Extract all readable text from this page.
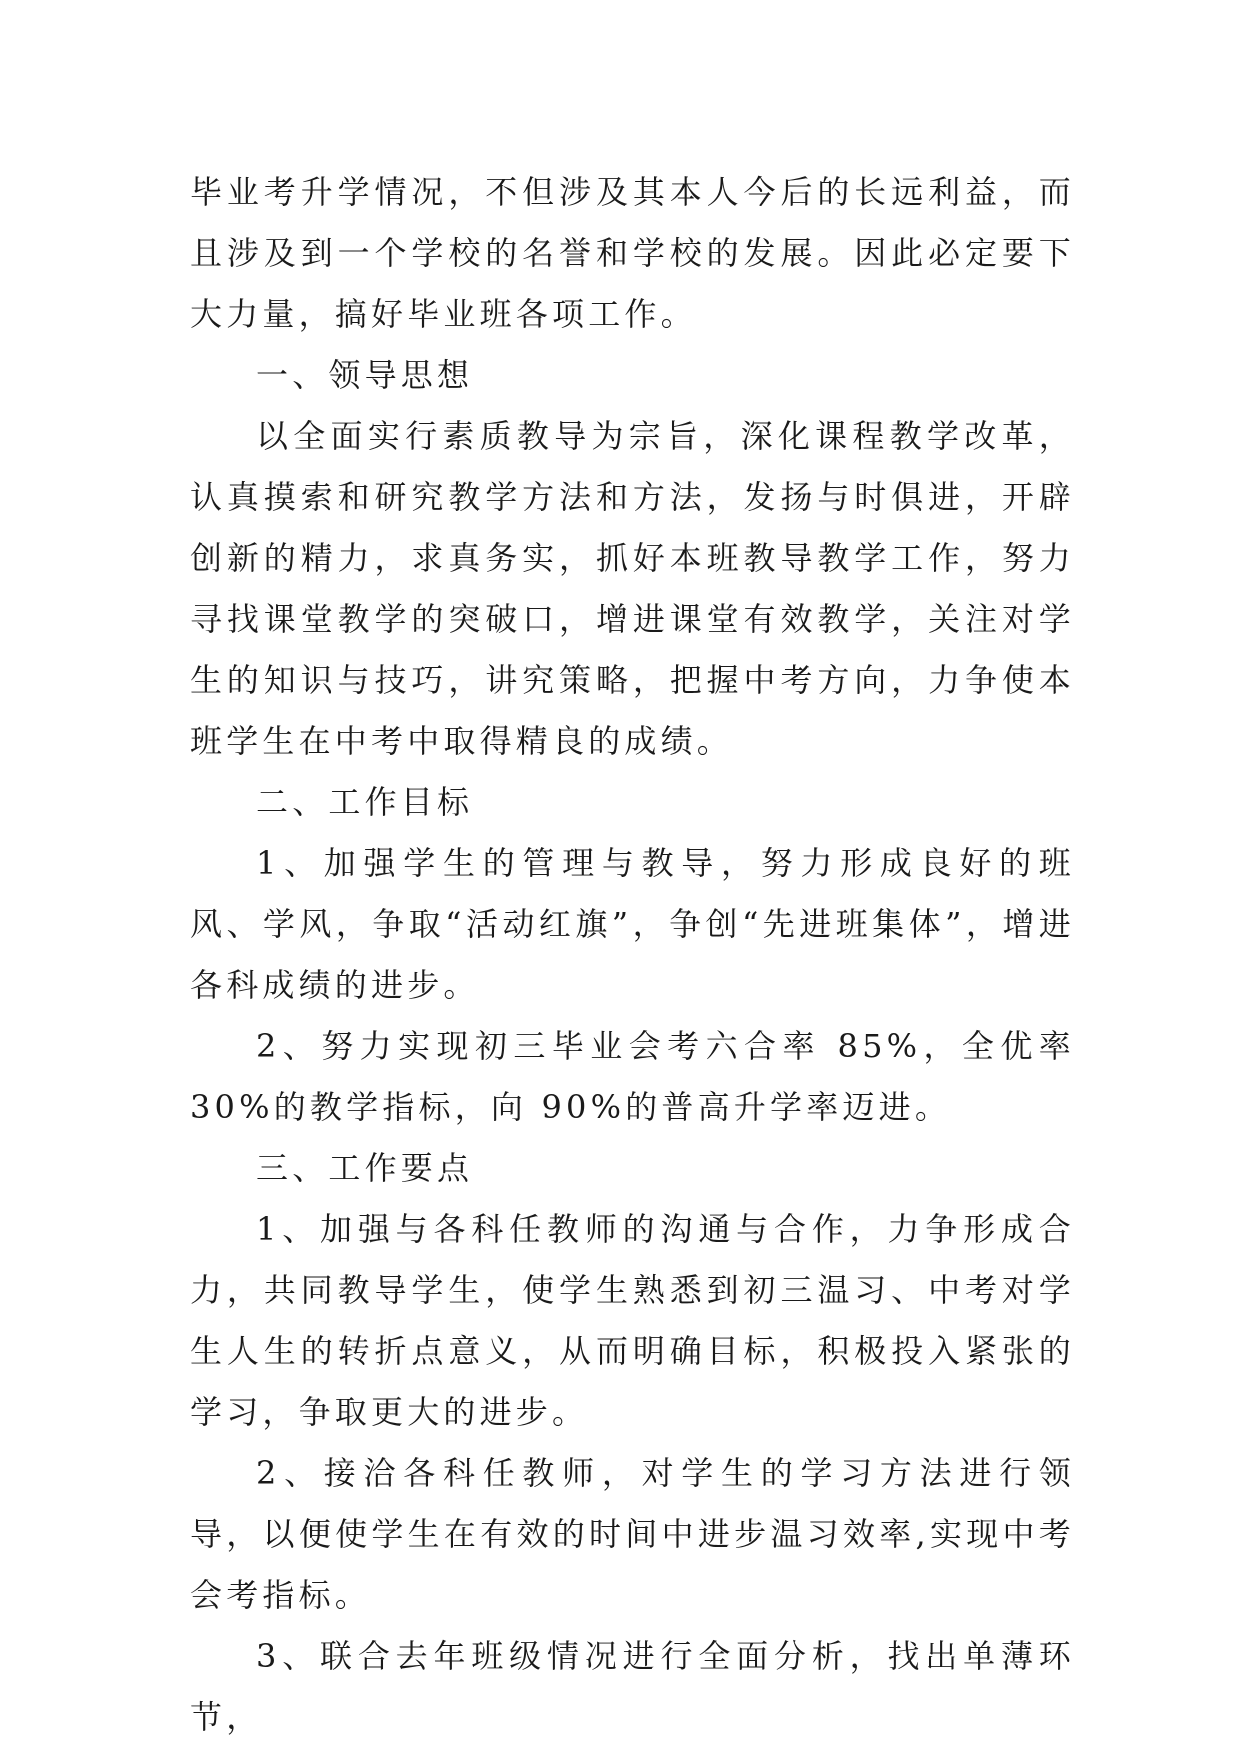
毕业考升学情况，不但涉及其本人今后的长远利益，而且涉及到一个学校的名誉和学校的发展。因此必定要下大力量，搞好毕业班各项工作。

一、领导思想

以全面实行素质教导为宗旨，深化课程教学改革，认真摸索和研究教学方法和方法，发扬与时俱进，开辟创新的精力，求真务实，抓好本班教导教学工作，努力寻找课堂教学的突破口，增进课堂有效教学，关注对学生的知识与技巧，讲究策略，把握中考方向，力争使本班学生在中考中取得精良的成绩。

二、工作目标

1、加强学生的管理与教导，努力形成良好的班风、学风，争取“活动红旗”，争创“先进班集体”，增进各科成绩的进步。

2、努力实现初三毕业会考六合率 85%，全优率 30%的教学指标，向 90%的普高升学率迈进。

三、工作要点

1、加强与各科任教师的沟通与合作，力争形成合力，共同教导学生，使学生熟悉到初三温习、中考对学生人生的转折点意义，从而明确目标，积极投入紧张的学习，争取更大的进步。

2、接洽各科任教师，对学生的学习方法进行领导，以便使学生在有效的时间中进步温习效率,实现中考会考指标。

3、联合去年班级情况进行全面分析，找出单薄环节，
